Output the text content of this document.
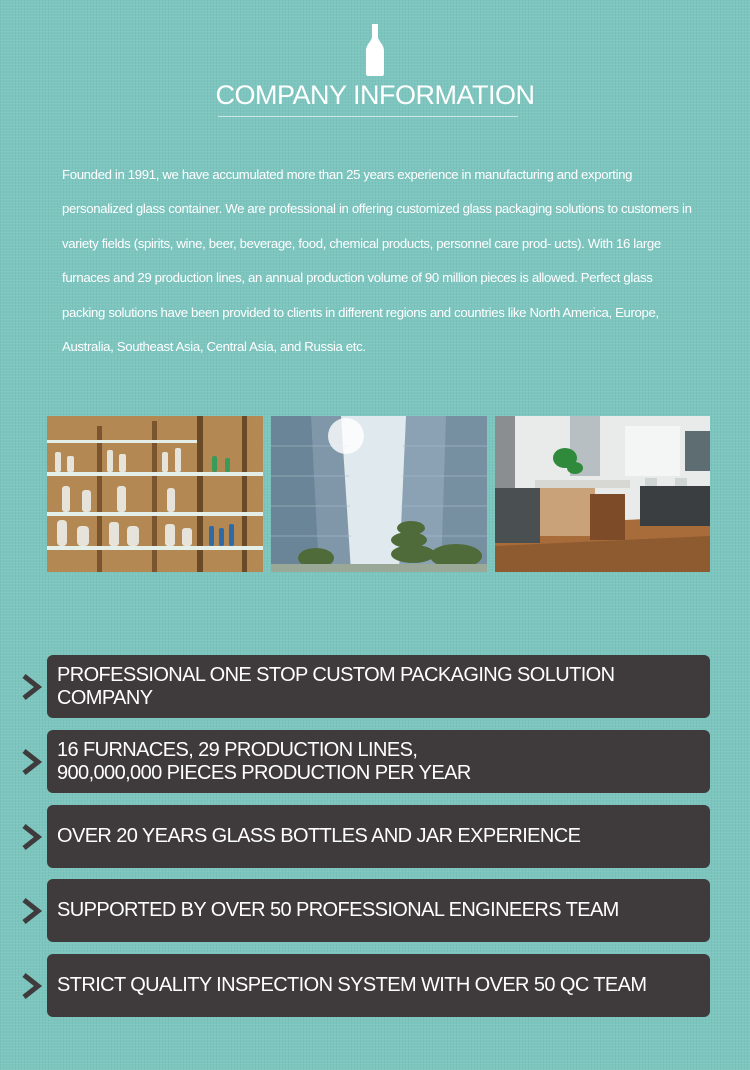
COMPANY INFORMATION

Founded in 1991, we have accumulated more than 25 years experience in manufacturing and exporting personalized glass container. We are professional in offering customized glass packaging solutions to customers in variety fields (spirits, wine, beer, beverage, food, chemical products, personnel care prod- ucts). With 16 large furnaces and 29 production lines, an annual production volume of 90 million pieces is allowed. Perfect glass packing solutions have been provided to clients in different regions and countries like North America, Europe, Australia, Southeast Asia, Central Asia, and Russia etc.

PROFESSIONAL ONE STOP CUSTOM PACKAGING SOLUTION COMPANY
16 FURNACES, 29 PRODUCTION LINES,
900,000,000 PIECES PRODUCTION PER YEAR
OVER 20 YEARS GLASS BOTTLES AND JAR EXPERIENCE
SUPPORTED BY OVER 50 PROFESSIONAL ENGINEERS TEAM
STRICT QUALITY INSPECTION SYSTEM WITH OVER 50 QC TEAM
